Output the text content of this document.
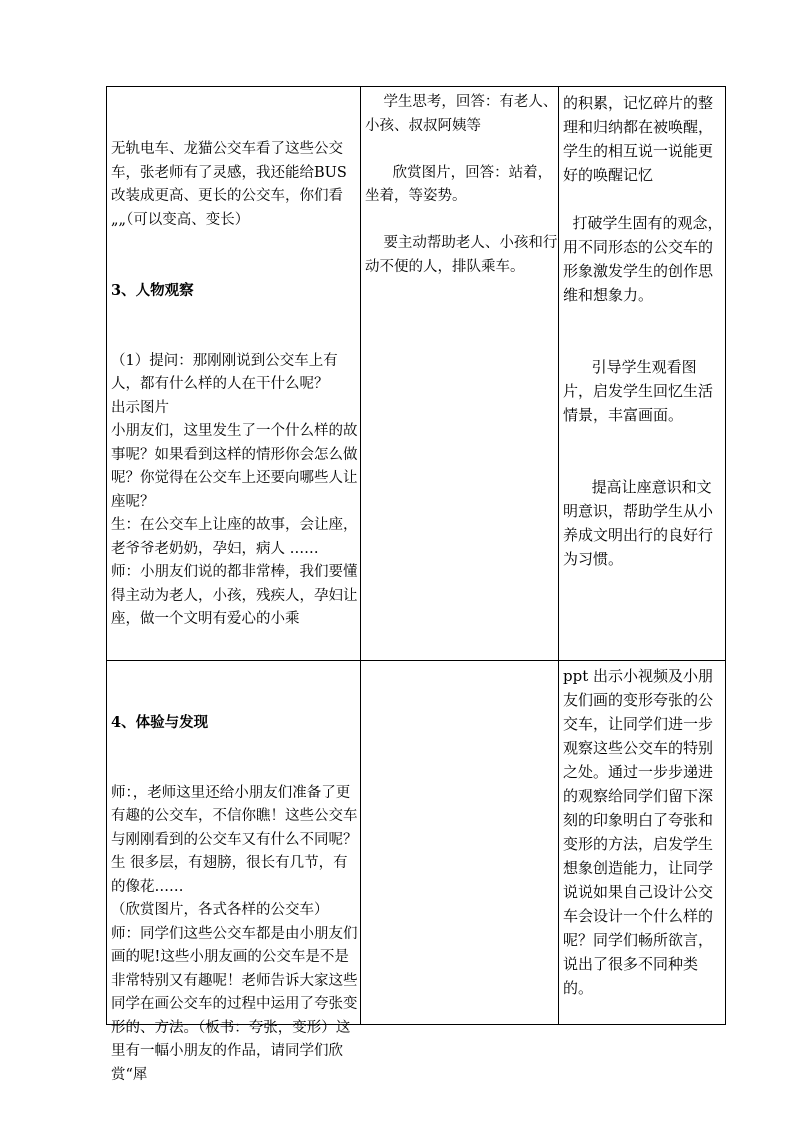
无轨电车、龙猫公交车看了这些公交车，张老师有了灵感，我还能给BUS 改装成更高、更长的公交车，你们看„„（可以变高、变长）

3、人物观察

（1）提问：那刚刚说到公交车上有人，都有什么样的人在干什么呢？
出示图片
小朋友们，这里发生了一个什么样的故事呢？如果看到这样的情形你会怎么做呢？你觉得在公交车上还要向哪些人让座呢？
生：在公交车上让座的故事，会让座，老爷爷老奶奶，孕妇，病人 ……
师：小朋友们说的都非常棒，我们要懂得主动为老人，小孩，残疾人，孕妇让座，做一个文明有爱心的小乘

学生思考，回答：有老人、小孩、叔叔阿姨等

欣赏图片，回答：站着，坐着，等姿势。

要主动帮助老人、小孩和行动不便的人，排队乘车。
的积累，记忆碎片的整理和归纳都在被唤醒，学生的相互说一说能更好的唤醒记忆

打破学生固有的观念，用不同形态的公交车的形象激发学生的创作思维和想象力。

引导学生观看图片，启发学生回忆生活情景，丰富画面。

提高让座意识和文明意识，帮助学生从小养成文明出行的良好行为习惯。

4、体验与发现

师：，老师这里还给小朋友们准备了更有趣的公交车，不信你瞧！这些公交车与刚刚看到的公交车又有什么不同呢？
生 很多层，有翅膀，很长有几节，有的像花……
（欣赏图片，各式各样的公交车）
师：同学们这些公交车都是由小朋友们画的呢!这些小朋友画的公交车是不是非常特别又有趣呢！老师告诉大家这些同学在画公交车的过程中运用了夸张变形的、方法。（板书：夸张，变形）这里有一幅小朋友的作品，请同学们欣赏“犀

ppt 出示小视频及小朋友们画的变形夸张的公交车，让同学们进一步观察这些公交车的特别之处。通过一步步递进的观察给同学们留下深刻的印象明白了夸张和变形的方法，启发学生想象创造能力，让同学说说如果自己设计公交车会设计一个什么样的呢？同学们畅所欲言，说出了很多不同种类的。
